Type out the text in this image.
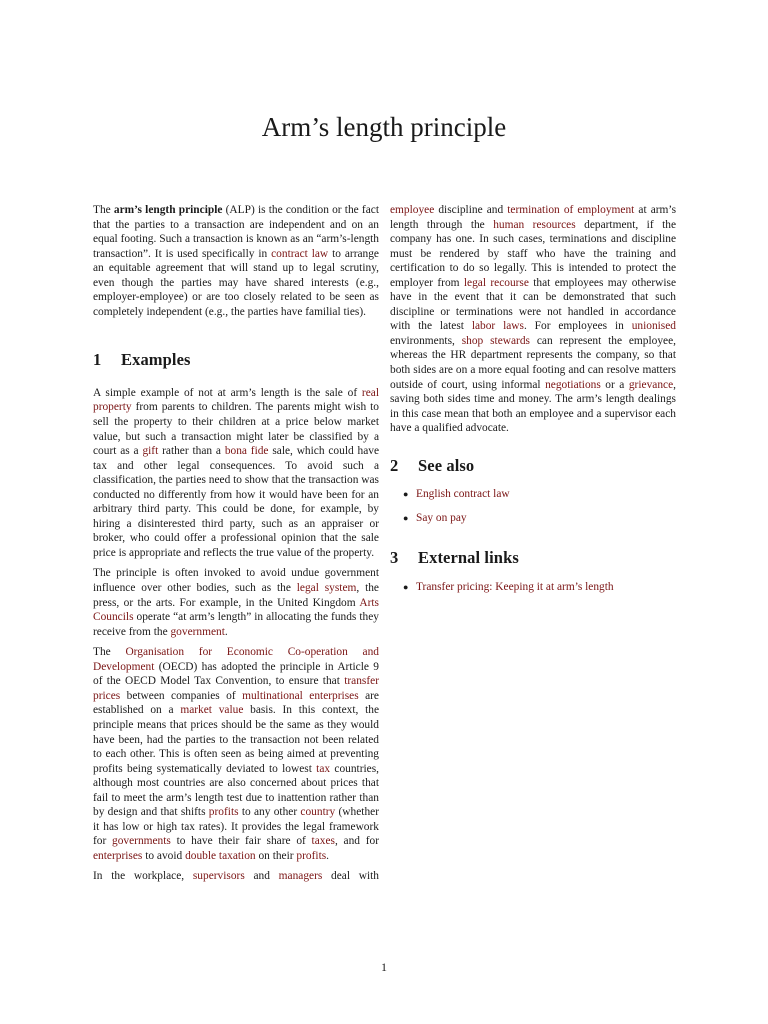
Arm’s length principle

The arm’s length principle (ALP) is the condition or the fact that the parties to a transaction are independent and on an equal footing. Such a transaction is known as an “arm’s-length transaction”. It is used specifically in contract law to arrange an equitable agreement that will stand up to legal scrutiny, even though the parties may have shared interests (e.g., employer-employee) or are too closely related to be seen as completely independent (e.g., the parties have familial ties).

1 Examples

A simple example of not at arm’s length is the sale of real property from parents to children. The parents might wish to sell the property to their children at a price below market value, but such a transaction might later be classified by a court as a gift rather than a bona fide sale, which could have tax and other legal consequences. To avoid such a classification, the parties need to show that the transaction was conducted no differently from how it would have been for an arbitrary third party. This could be done, for example, by hiring a disinterested third party, such as an appraiser or broker, who could offer a professional opinion that the sale price is appropriate and reflects the true value of the property.

The principle is often invoked to avoid undue government influence over other bodies, such as the legal system, the press, or the arts. For example, in the United Kingdom Arts Councils operate “at arm’s length” in allocating the funds they receive from the government.

The Organisation for Economic Co-operation and Development (OECD) has adopted the principle in Article 9 of the OECD Model Tax Convention, to ensure that transfer prices between companies of multinational enterprises are established on a market value basis. In this context, the principle means that prices should be the same as they would have been, had the parties to the transaction not been related to each other. This is often seen as being aimed at preventing profits being systematically deviated to lowest tax countries, although most countries are also concerned about prices that fail to meet the arm’s length test due to inattention rather than by design and that shifts profits to any other country (whether it has low or high tax rates). It provides the legal framework for governments to have their fair share of taxes, and for enterprises to avoid double taxation on their profits.

In the workplace, supervisors and managers deal with

employee discipline and termination of employment at arm’s length through the human resources department, if the company has one. In such cases, terminations and discipline must be rendered by staff who have the training and certification to do so legally. This is intended to protect the employer from legal recourse that employees may otherwise have in the event that it can be demonstrated that such discipline or terminations were not handled in accordance with the latest labor laws. For employees in unionised environments, shop stewards can represent the employee, whereas the HR department represents the company, so that both sides are on a more equal footing and can resolve matters outside of court, using informal negotiations or a grievance, saving both sides time and money. The arm’s length dealings in this case mean that both an employee and a supervisor each have a qualified advocate.

2 See also
● English contract law
● Say on pay
3 External links
● Transfer pricing: Keeping it at arm’s length
1
